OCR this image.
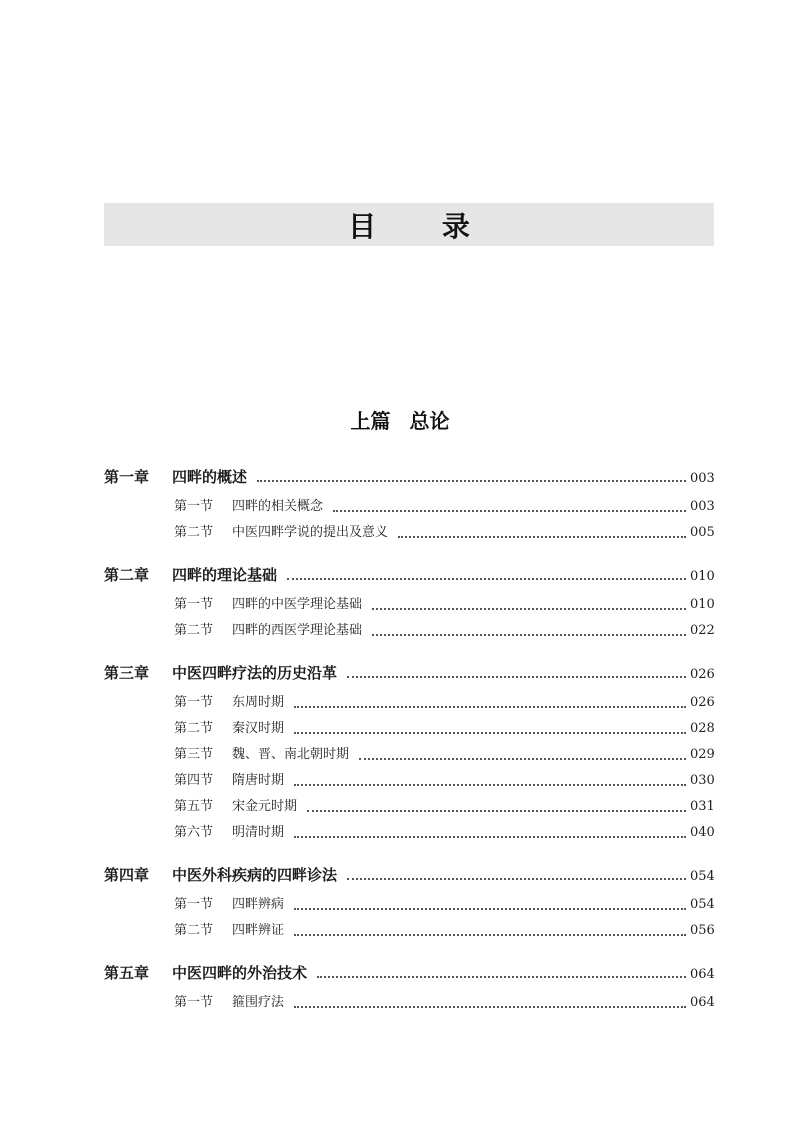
目 录
上篇 总论
第一章	四畔的概述	003
第一节	四畔的相关概念	003
第二节	中医四畔学说的提出及意义	005
第二章	四畔的理论基础	010
第一节	四畔的中医学理论基础	010
第二节	四畔的西医学理论基础	022
第三章	中医四畔疗法的历史沿革	026
第一节	东周时期	026
第二节	秦汉时期	028
第三节	魏、晋、南北朝时期	029
第四节	隋唐时期	030
第五节	宋金元时期	031
第六节	明清时期	040
第四章	中医外科疾病的四畔诊法	054
第一节	四畔辨病	054
第二节	四畔辨证	056
第五章	中医四畔的外治技术	064
第一节	箍围疗法	064
